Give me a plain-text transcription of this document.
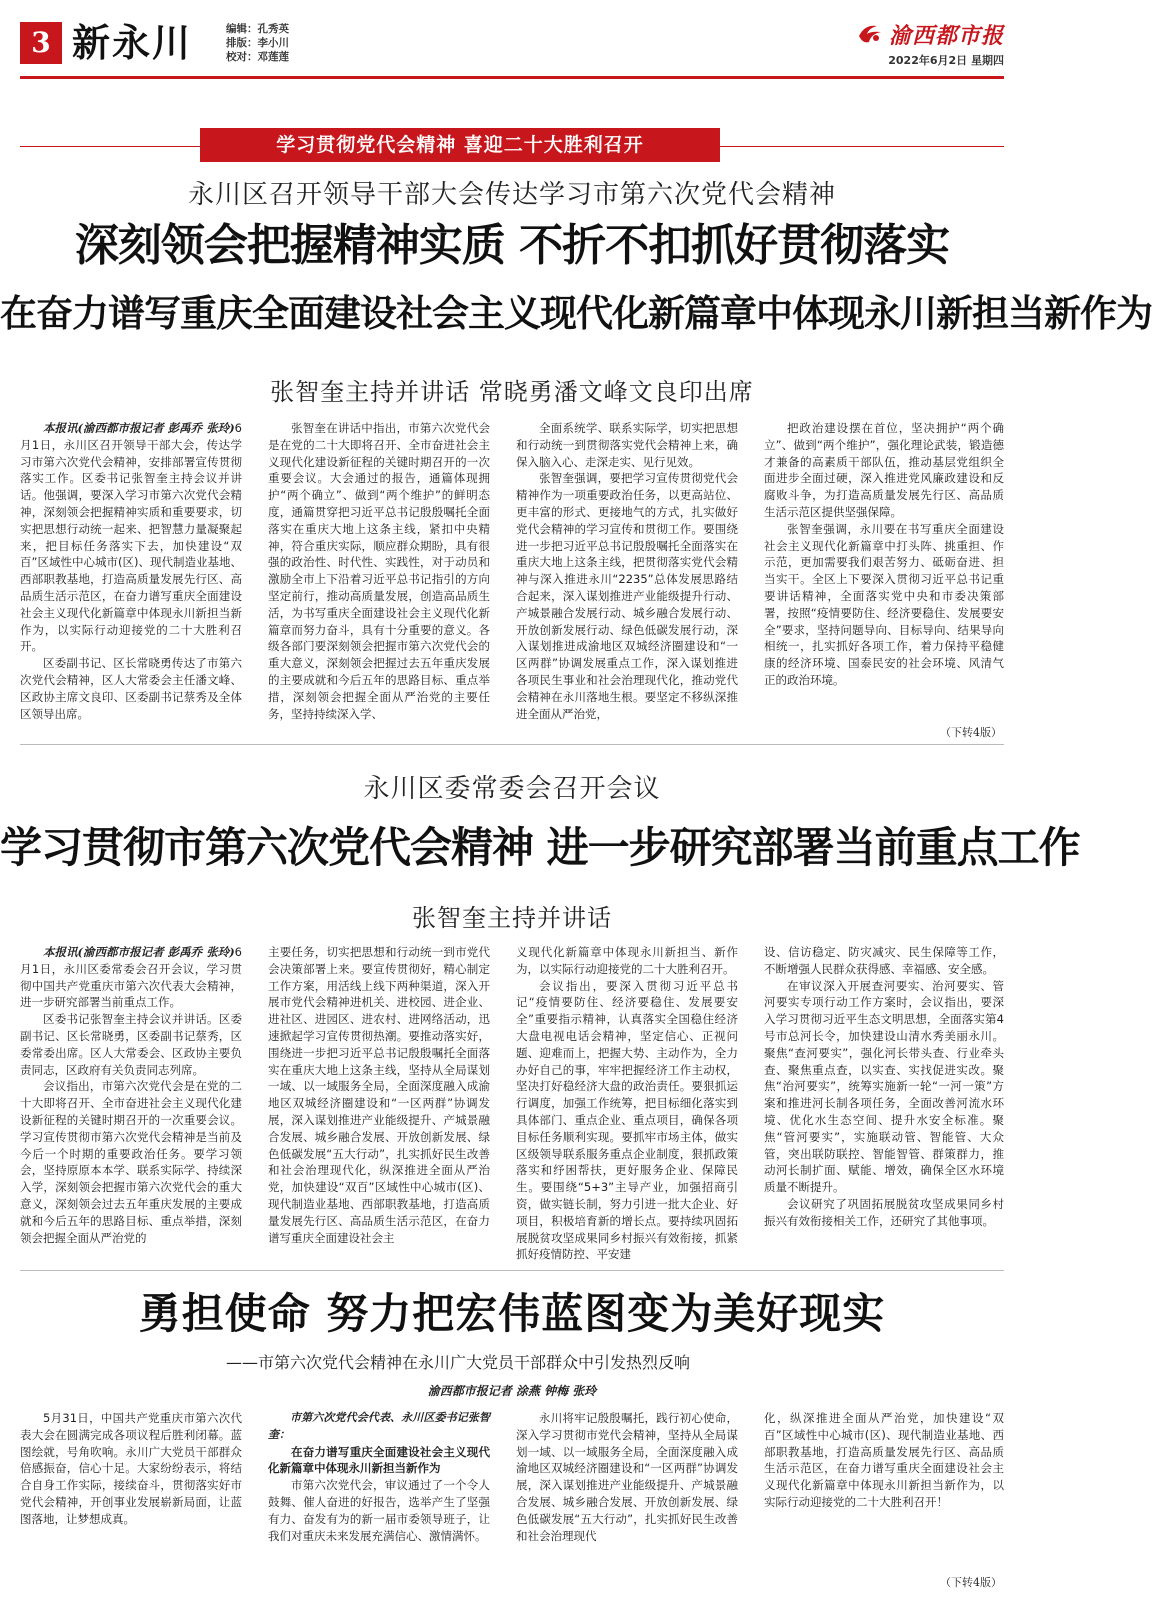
3 新永川	编辑：孔秀英
排版：李小川
校对：邓莲莲
渝西都市报
2022年6月2日 星期四
学习贯彻党代会精神 喜迎二十大胜利召开
永川区召开领导干部大会传达学习市第六次党代会精神
深刻领会把握精神实质 不折不扣抓好贯彻落实
在奋力谱写重庆全面建设社会主义现代化新篇章中体现永川新担当新作为
张智奎主持并讲话 常晓勇潘文峰文良印出席

本报讯(渝西都市报记者 彭禹乔 张玲)6月1日，永川区召开领导干部大会，传达学习市第六次党代会精神，安排部署宣传贯彻落实工作。区委书记张智奎主持会议并讲话。他强调，要深入学习市第六次党代会精神，深刻领会把握精神实质和重要要求，切实把思想行动统一起来、把智慧力量凝聚起来，把目标任务落实下去，加快建设“双百”区域性中心城市(区)、现代制造业基地、西部职教基地，打造高质量发展先行区、高品质生活示范区，在奋力谱写重庆全面建设社会主义现代化新篇章中体现永川新担当新作为，以实际行动迎接党的二十大胜利召开。

区委副书记、区长常晓勇传达了市第六次党代会精神，区人大常委会主任潘文峰、区政协主席文良印、区委副书记蔡秀及全体区领导出席。

张智奎在讲话中指出，市第六次党代会是在党的二十大即将召开、全市奋进社会主义现代化建设新征程的关键时期召开的一次重要会议。大会通过的报告，通篇体现拥护“两个确立”、做到“两个维护”的鲜明态度，通篇贯穿把习近平总书记殷殷嘱托全面落实在重庆大地上这条主线，紧扣中央精神，符合重庆实际，顺应群众期盼，具有很强的政治性、时代性、实践性，对于动员和激励全市上下沿着习近平总书记指引的方向坚定前行，推动高质量发展，创造高品质生活，为书写重庆全面建设社会主义现代化新篇章而努力奋斗，具有十分重要的意义。各级各部门要深刻领会把握市第六次党代会的重大意义，深刻领会把握过去五年重庆发展的主要成就和今后五年的思路目标、重点举措，深刻领会把握全面从严治党的主要任务，坚持持续深入学、

全面系统学、联系实际学，切实把思想和行动统一到贯彻落实党代会精神上来，确保入脑入心、走深走实、见行见效。

张智奎强调，要把学习宣传贯彻党代会精神作为一项重要政治任务，以更高站位、更丰富的形式、更接地气的方式，扎实做好党代会精神的学习宣传和贯彻工作。要围绕进一步把习近平总书记殷殷嘱托全面落实在重庆大地上这条主线，把贯彻落实党代会精神与深入推进永川“2235”总体发展思路结合起来，深入谋划推进产业能级提升行动、产城景融合发展行动、城乡融合发展行动、开放创新发展行动、绿色低碳发展行动，深入谋划推进成渝地区双城经济圈建设和“一区两群”协调发展重点工作，深入谋划推进各项民生事业和社会治理现代化，推动党代会精神在永川落地生根。要坚定不移纵深推进全面从严治党，

把政治建设摆在首位，坚决拥护“两个确立”、做到“两个维护”，强化理论武装，锻造德才兼备的高素质干部队伍，推动基层党组织全面进步全面过硬，深入推进党风廉政建设和反腐败斗争，为打造高质量发展先行区、高品质生活示范区提供坚强保障。

张智奎强调，永川要在书写重庆全面建设社会主义现代化新篇章中打头阵、挑重担、作示范，更加需要我们艰苦努力、砥砺奋进、担当实干。全区上下要深入贯彻习近平总书记重要讲话精神，全面落实党中央和市委决策部署，按照“疫情要防住、经济要稳住、发展要安全”要求，坚持问题导向、目标导向、结果导向相统一，扎实抓好各项工作，着力保持平稳健康的经济环境、国泰民安的社会环境、风清气正的政治环境。

（下转4版）
永川区委常委会召开会议
学习贯彻市第六次党代会精神 进一步研究部署当前重点工作
张智奎主持并讲话

本报讯(渝西都市报记者 彭禹乔 张玲)6月1日，永川区委常委会召开会议，学习贯彻中国共产党重庆市第六次代表大会精神，进一步研究部署当前重点工作。

区委书记张智奎主持会议并讲话。区委副书记、区长常晓勇，区委副书记蔡秀，区委常委出席。区人大常委会、区政协主要负责同志，区政府有关负责同志列席。

会议指出，市第六次党代会是在党的二十大即将召开、全市奋进社会主义现代化建设新征程的关键时期召开的一次重要会议。学习宣传贯彻市第六次党代会精神是当前及今后一个时期的重要政治任务。要学习领会，坚持原原本本学、联系实际学、持续深入学，深刻领会把握市第六次党代会的重大意义，深刻领会过去五年重庆发展的主要成就和今后五年的思路目标、重点举措，深刻领会把握全面从严治党的

主要任务，切实把思想和行动统一到市党代会决策部署上来。要宣传贯彻好，精心制定工作方案，用活线上线下两种渠道，深入开展市党代会精神进机关、进校园、进企业、进社区、进园区、进农村、进网络活动，迅速掀起学习宣传贯彻热潮。要推动落实好，围绕进一步把习近平总书记殷殷嘱托全面落实在重庆大地上这条主线，坚持从全局谋划一域、以一域服务全局，全面深度融入成渝地区双城经济圈建设和“一区两群”协调发展，深入谋划推进产业能级提升、产城景融合发展、城乡融合发展、开放创新发展、绿色低碳发展“五大行动”，扎实抓好民生改善和社会治理现代化，纵深推进全面从严治党，加快建设“双百”区域性中心城市(区)、现代制造业基地、西部职教基地，打造高质量发展先行区、高品质生活示范区，在奋力谱写重庆全面建设社会主

义现代化新篇章中体现永川新担当、新作为，以实际行动迎接党的二十大胜利召开。

会议指出，要深入贯彻习近平总书记“疫情要防住、经济要稳住、发展要安全”重要指示精神，认真落实全国稳住经济大盘电视电话会精神，坚定信心、正视问题、迎难而上，把握大势、主动作为，全力办好自己的事，牢牢把握经济工作主动权，坚决打好稳经济大盘的政治责任。要狠抓运行调度，加强工作统筹，把目标细化落实到具体部门、重点企业、重点项目，确保各项目标任务顺利实现。要抓牢市场主体，做实区级领导联系服务重点企业制度，狠抓政策落实和纾困帮扶，更好服务企业、保障民生。要围绕“5+3”主导产业，加强招商引资，做实链长制，努力引进一批大企业、好项目，积极培育新的增长点。要持续巩固拓展脱贫攻坚成果同乡村振兴有效衔接，抓紧抓好疫情防控、平安建

设、信访稳定、防灾减灾、民生保障等工作，不断增强人民群众获得感、幸福感、安全感。

在审议深入开展查河要实、治河要实、管河要实专项行动工作方案时，会议指出，要深入学习贯彻习近平生态文明思想，全面落实第4号市总河长令，加快建设山清水秀美丽永川。聚焦“查河要实”，强化河长带头查、行业牵头查、聚焦重点查，以实查、实找促进实改。聚焦“治河要实”，统筹实施新一轮“一河一策”方案和推进河长制各项任务，全面改善河流水环境、优化水生态空间、提升水安全标准。聚焦“管河要实”，实施联动管、智能管、大众管，突出联防联控、智能智管、群策群力，推动河长制扩面、赋能、增效，确保全区水环境质量不断提升。

会议研究了巩固拓展脱贫攻坚成果同乡村振兴有效衔接相关工作，还研究了其他事项。

勇担使命 努力把宏伟蓝图变为美好现实
——市第六次党代会精神在永川广大党员干部群众中引发热烈反响
渝西都市报记者 涂燕 钟梅 张玲

5月31日，中国共产党重庆市第六次代表大会在圆满完成各项议程后胜利闭幕。蓝图绘就，号角吹响。永川广大党员干部群众倍感振奋，信心十足。大家纷纷表示，将结合自身工作实际，接续奋斗，贯彻落实好市党代会精神，开创事业发展崭新局面，让蓝图落地，让梦想成真。

市第六次党代会代表、永川区委书记张智奎：

在奋力谱写重庆全面建设社会主义现代化新篇章中体现永川新担当新作为

市第六次党代会，审议通过了一个令人鼓舞、催人奋进的好报告，选举产生了坚强有力、奋发有为的新一届市委领导班子，让我们对重庆未来发展充满信心、激情满怀。

永川将牢记殷殷嘱托，践行初心使命，深入学习贯彻市党代会精神，坚持从全局谋划一域、以一域服务全局，全面深度融入成渝地区双城经济圈建设和“一区两群”协调发展，深入谋划推进产业能级提升、产城景融合发展、城乡融合发展、开放创新发展、绿色低碳发展“五大行动”，扎实抓好民生改善和社会治理现代

化，纵深推进全面从严治党，加快建设“双百”区域性中心城市(区)、现代制造业基地、西部职教基地，打造高质量发展先行区、高品质生活示范区，在奋力谱写重庆全面建设社会主义现代化新篇章中体现永川新担当新作为，以实际行动迎接党的二十大胜利召开！

（下转4版）
